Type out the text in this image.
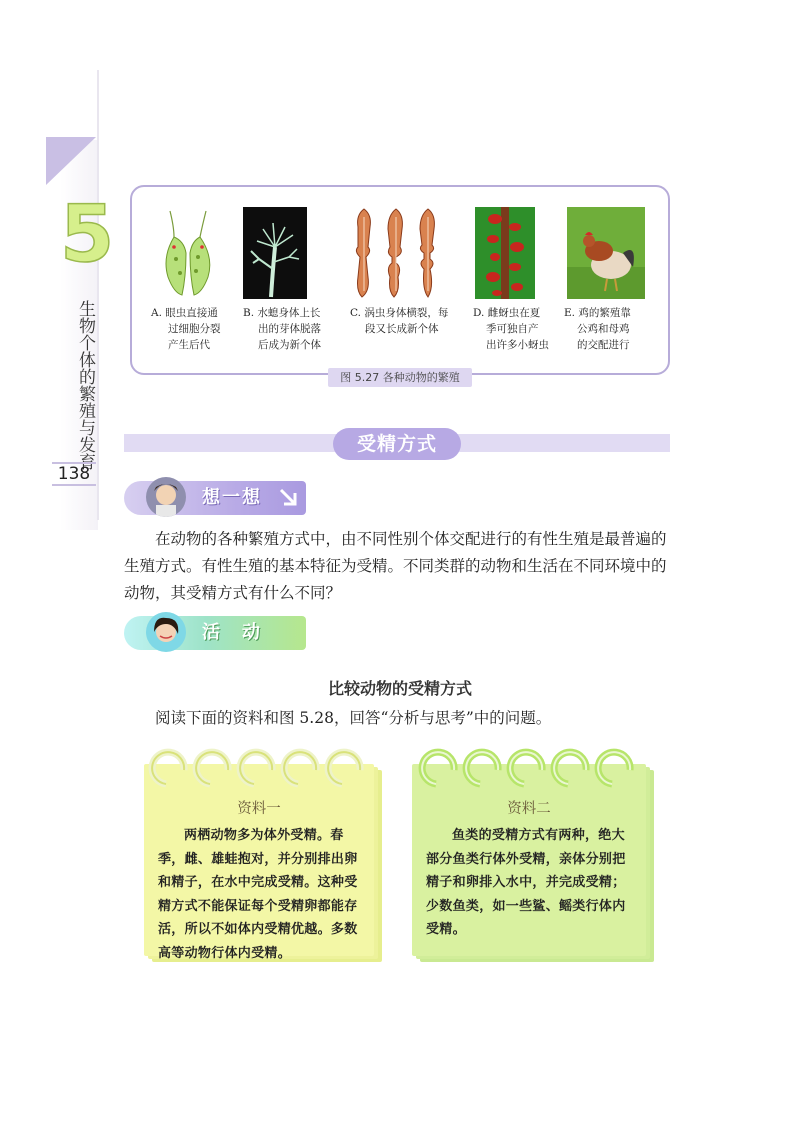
5
生物个体的繁殖与发育
138
A. 眼虫直接通
过细胞分裂
产生后代
B. 水螅身体上长
出的芽体脱落
后成为新个体
C. 涡虫身体横裂，每
段又长成新个体
D. 雌蚜虫在夏
季可独自产
出许多小蚜虫
E. 鸡的繁殖靠
公鸡和母鸡
的交配进行
图 5.27 各种动物的繁殖
受精方式
想一想
在动物的各种繁殖方式中，由不同性别个体交配进行的有性生殖是最普遍的生殖方式。有性生殖的基本特征为受精。不同类群的动物和生活在不同环境中的动物，其受精方式有什么不同？
活　动
比较动物的受精方式
阅读下面的资料和图 5.28，回答“分析与思考”中的问题。
资料一
两栖动物多为体外受精。春季，雌、雄蛙抱对，并分别排出卵和精子，在水中完成受精。这种受精方式不能保证每个受精卵都能存活，所以不如体内受精优越。多数高等动物行体内受精。
资料二
鱼类的受精方式有两种，绝大部分鱼类行体外受精，亲体分别把精子和卵排入水中，并完成受精；少数鱼类，如一些鲨、鳐类行体内受精。
